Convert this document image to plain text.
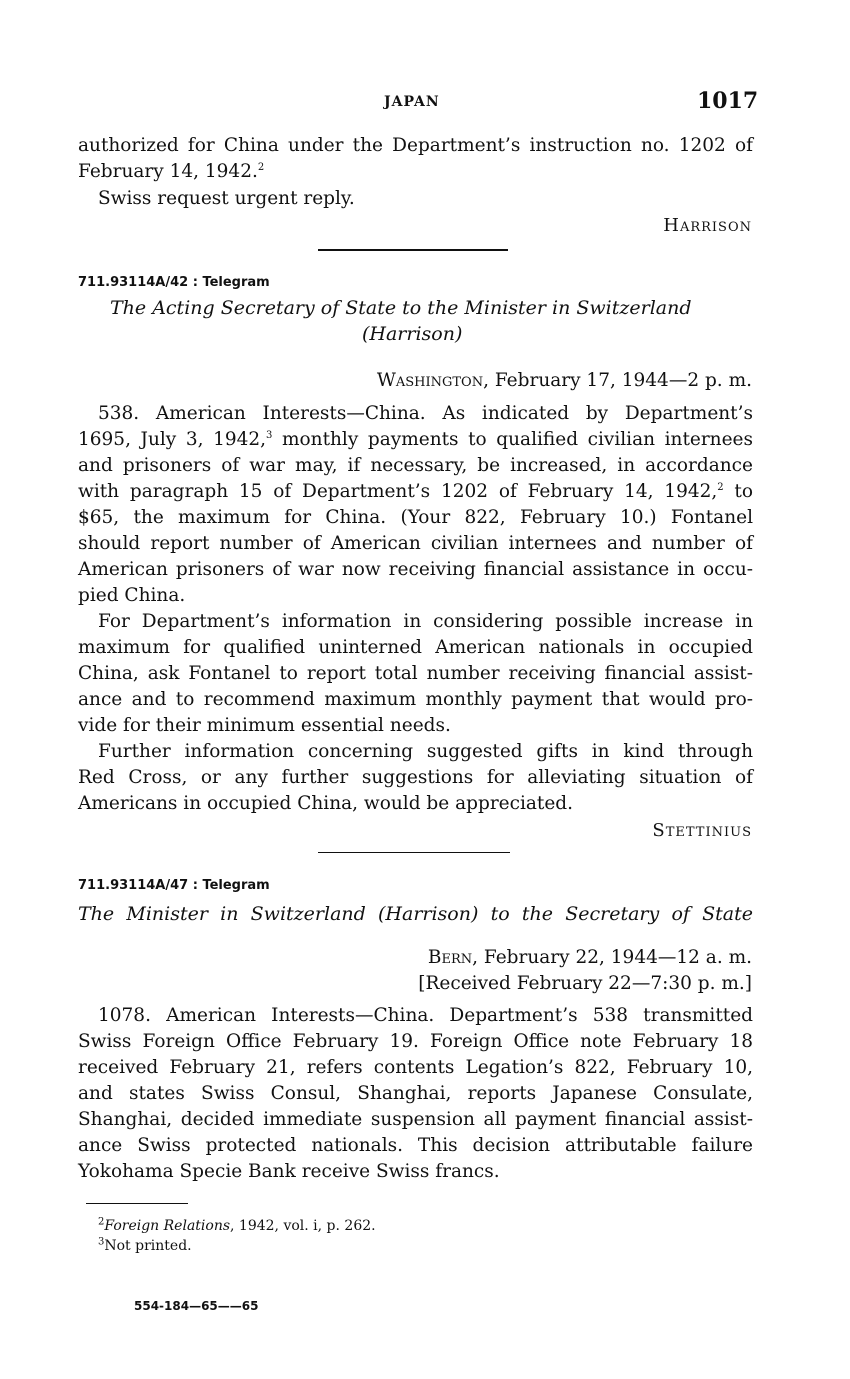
JAPAN	1017
authorized for China under the Department’s instruction no. 1202 of
February 14, 1942.$^2$
Swiss request urgent reply.
Harrison
711.93114A/42 : Telegram
The Acting Secretary of State to the Minister in Switzerland
(Harrison)
Washington, February 17, 1944—2 p. m.
538. American Interests—China. As indicated by Department’s
1695, July 3, 1942,$^3$ monthly payments to qualified civilian internees
and prisoners of war may, if necessary, be increased, in accordance
with paragraph 15 of Department’s 1202 of February 14, 1942,$^2$ to
$65, the maximum for China. (Your 822, February 10.) Fontanel
should report number of American civilian internees and number of
American prisoners of war now receiving financial assistance in occu-
pied China.
For Department’s information in considering possible increase in
maximum for qualified uninterned American nationals in occupied
China, ask Fontanel to report total number receiving financial assist-
ance and to recommend maximum monthly payment that would pro-
vide for their minimum essential needs.
Further information concerning suggested gifts in kind through
Red Cross, or any further suggestions for alleviating situation of
Americans in occupied China, would be appreciated.
Stettinius
711.93114A/47 : Telegram
The Minister in Switzerland (Harrison) to the Secretary of State
Bern, February 22, 1944—12 a. m.
[Received February 22—7:30 p. m.]
1078. American Interests—China. Department’s 538 transmitted
Swiss Foreign Office February 19. Foreign Office note February 18
received February 21, refers contents Legation’s 822, February 10,
and states Swiss Consul, Shanghai, reports Japanese Consulate,
Shanghai, decided immediate suspension all payment financial assist-
ance Swiss protected nationals. This decision attributable failure
Yokohama Specie Bank receive Swiss francs.
$^2$Foreign Relations, 1942, vol. i, p. 262.
$^3$Not printed.
554-184—65——65
